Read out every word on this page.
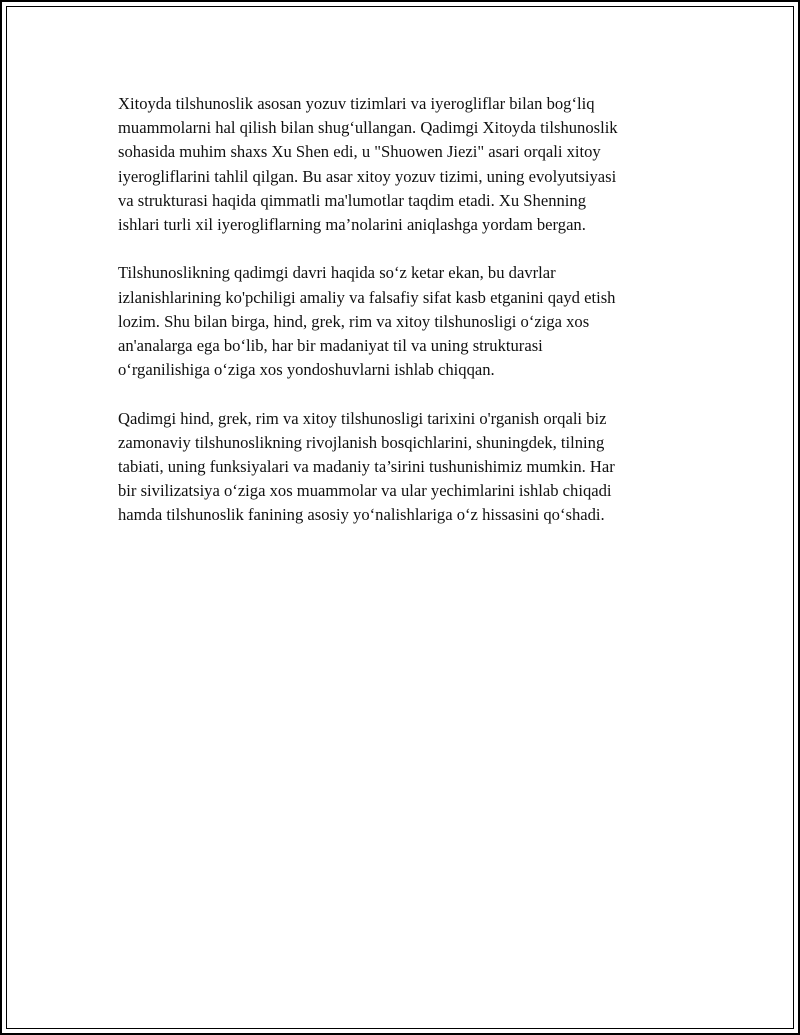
Xitoyda tilshunoslik asosan yozuv tizimlari va iyerogliflar bilan bog‘liq
muammolarni hal qilish bilan shug‘ullangan. Qadimgi Xitoyda tilshunoslik
sohasida muhim shaxs Xu Shen edi, u "Shuowen Jiezi" asari orqali xitoy
iyerogliflarini tahlil qilgan. Bu asar xitoy yozuv tizimi, uning evolyutsiyasi
va strukturasi haqida qimmatli ma'lumotlar taqdim etadi. Xu Shenning
ishlari turli xil iyerogliflarning ma’nolarini aniqlashga yordam bergan.

Tilshunoslikning qadimgi davri haqida so‘z ketar ekan, bu davrlar
izlanishlarining ko'pchiligi amaliy va falsafiy sifat kasb etganini qayd etish
lozim. Shu bilan birga, hind, grek, rim va xitoy tilshunosligi o‘ziga xos
an'analarga ega bo‘lib, har bir madaniyat til va uning strukturasi
o‘rganilishiga o‘ziga xos yondoshuvlarni ishlab chiqqan.

Qadimgi hind, grek, rim va xitoy tilshunosligi tarixini o'rganish orqali biz
zamonaviy tilshunoslikning rivojlanish bosqichlarini, shuningdek, tilning
tabiati, uning funksiyalari va madaniy ta’sirini tushunishimiz mumkin. Har
bir sivilizatsiya o‘ziga xos muammolar va ular yechimlarini ishlab chiqadi
hamda tilshunoslik fanining asosiy yo‘nalishlariga o‘z hissasini qo‘shadi.
